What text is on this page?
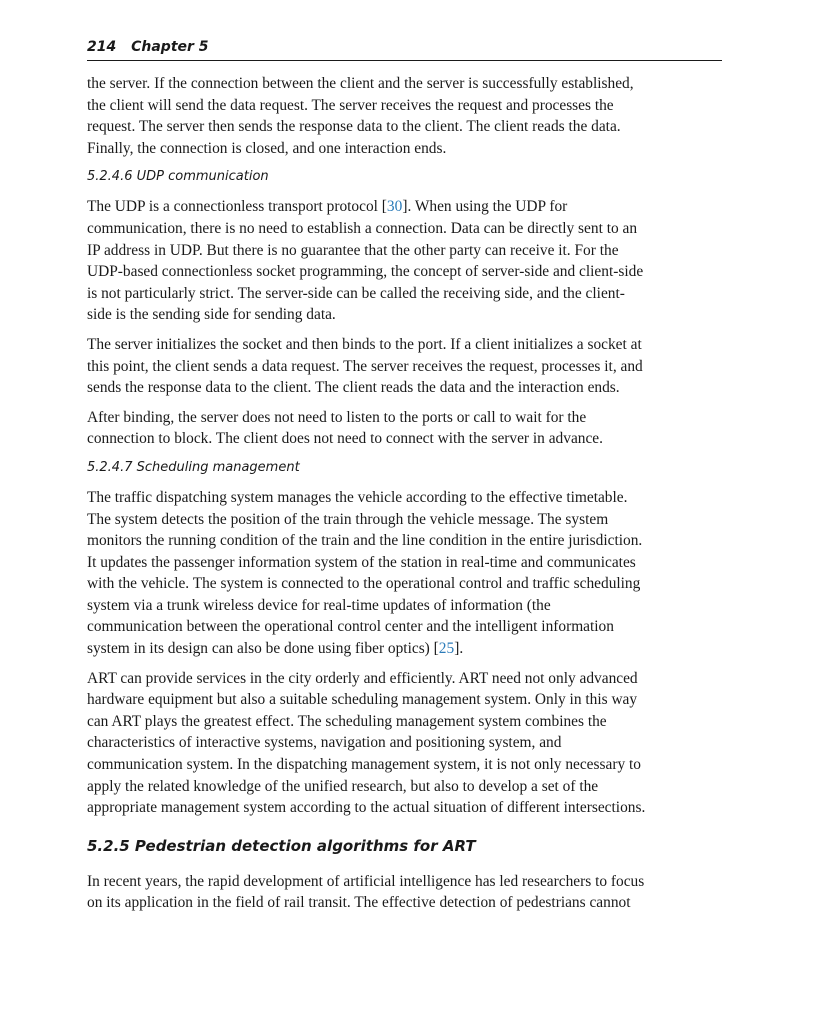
214 Chapter 5

the server. If the connection between the client and the server is successfully established,
the client will send the data request. The server receives the request and processes the
request. The server then sends the response data to the client. The client reads the data.
Finally, the connection is closed, and one interaction ends.

5.2.4.6 UDP communication

The UDP is a connectionless transport protocol [30]. When using the UDP for
communication, there is no need to establish a connection. Data can be directly sent to an
IP address in UDP. But there is no guarantee that the other party can receive it. For the
UDP-based connectionless socket programming, the concept of server-side and client-side
is not particularly strict. The server-side can be called the receiving side, and the client-
side is the sending side for sending data.

The server initializes the socket and then binds to the port. If a client initializes a socket at
this point, the client sends a data request. The server receives the request, processes it, and
sends the response data to the client. The client reads the data and the interaction ends.

After binding, the server does not need to listen to the ports or call to wait for the
connection to block. The client does not need to connect with the server in advance.

5.2.4.7 Scheduling management

The traffic dispatching system manages the vehicle according to the effective timetable.
The system detects the position of the train through the vehicle message. The system
monitors the running condition of the train and the line condition in the entire jurisdiction.
It updates the passenger information system of the station in real-time and communicates
with the vehicle. The system is connected to the operational control and traffic scheduling
system via a trunk wireless device for real-time updates of information (the
communication between the operational control center and the intelligent information
system in its design can also be done using fiber optics) [25].

ART can provide services in the city orderly and efficiently. ART need not only advanced
hardware equipment but also a suitable scheduling management system. Only in this way
can ART plays the greatest effect. The scheduling management system combines the
characteristics of interactive systems, navigation and positioning system, and
communication system. In the dispatching management system, it is not only necessary to
apply the related knowledge of the unified research, but also to develop a set of the
appropriate management system according to the actual situation of different intersections.

5.2.5 Pedestrian detection algorithms for ART

In recent years, the rapid development of artificial intelligence has led researchers to focus
on its application in the field of rail transit. The effective detection of pedestrians cannot
